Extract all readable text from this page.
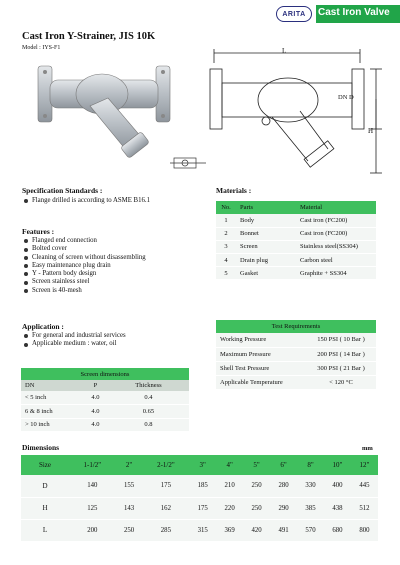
ARITA Cast Iron Valve
Cast Iron Y-Strainer, JIS 10K
Model : IYS-F1	L
DN D
H
Specification Standards :
Flange drilled is according to ASME B16.1
Features :
Flanged end connection
Bolted cover
Cleaning of screen without disassembling
Easy maintenance plug drain
Y - Pattern body design
Screen stainless steel
Screen is 40-mesh
Application :
For general and industrial services
Applicable medium : water, oil
Materials :
No.	Parts	Material
1	Body	Cast iron (FC200)
2	Bonnet	Cast iron (FC200)
3	Screen	Stainless steel(SS304)
4	Drain plug	Carbon steel
5	Gasket	Graphite + SS304
Test Requirements	
Working Pressure	150 PSI ( 10 Bar )
Maximum Pressure	200 PSI ( 14 Bar )
Shell Test Pressure	300 PSI ( 21 Bar )
Applicable Temperature	< 120 °C
Screen dimensions		
DN	P	Thickness
< 5 inch	4.0	0.4
6 & 8 inch	4.0	0.65
> 10 inch	4.0	0.8
Dimensions	mm
Size	1-1/2"	2"	2-1/2"	3"	4"	5"	6"	8"	10"	12"
D	140	155	175	185	210	250	280	330	400	445
H	125	143	162	175	220	250	290	385	438	512
L	200	250	285	315	369	420	491	570	680	800
